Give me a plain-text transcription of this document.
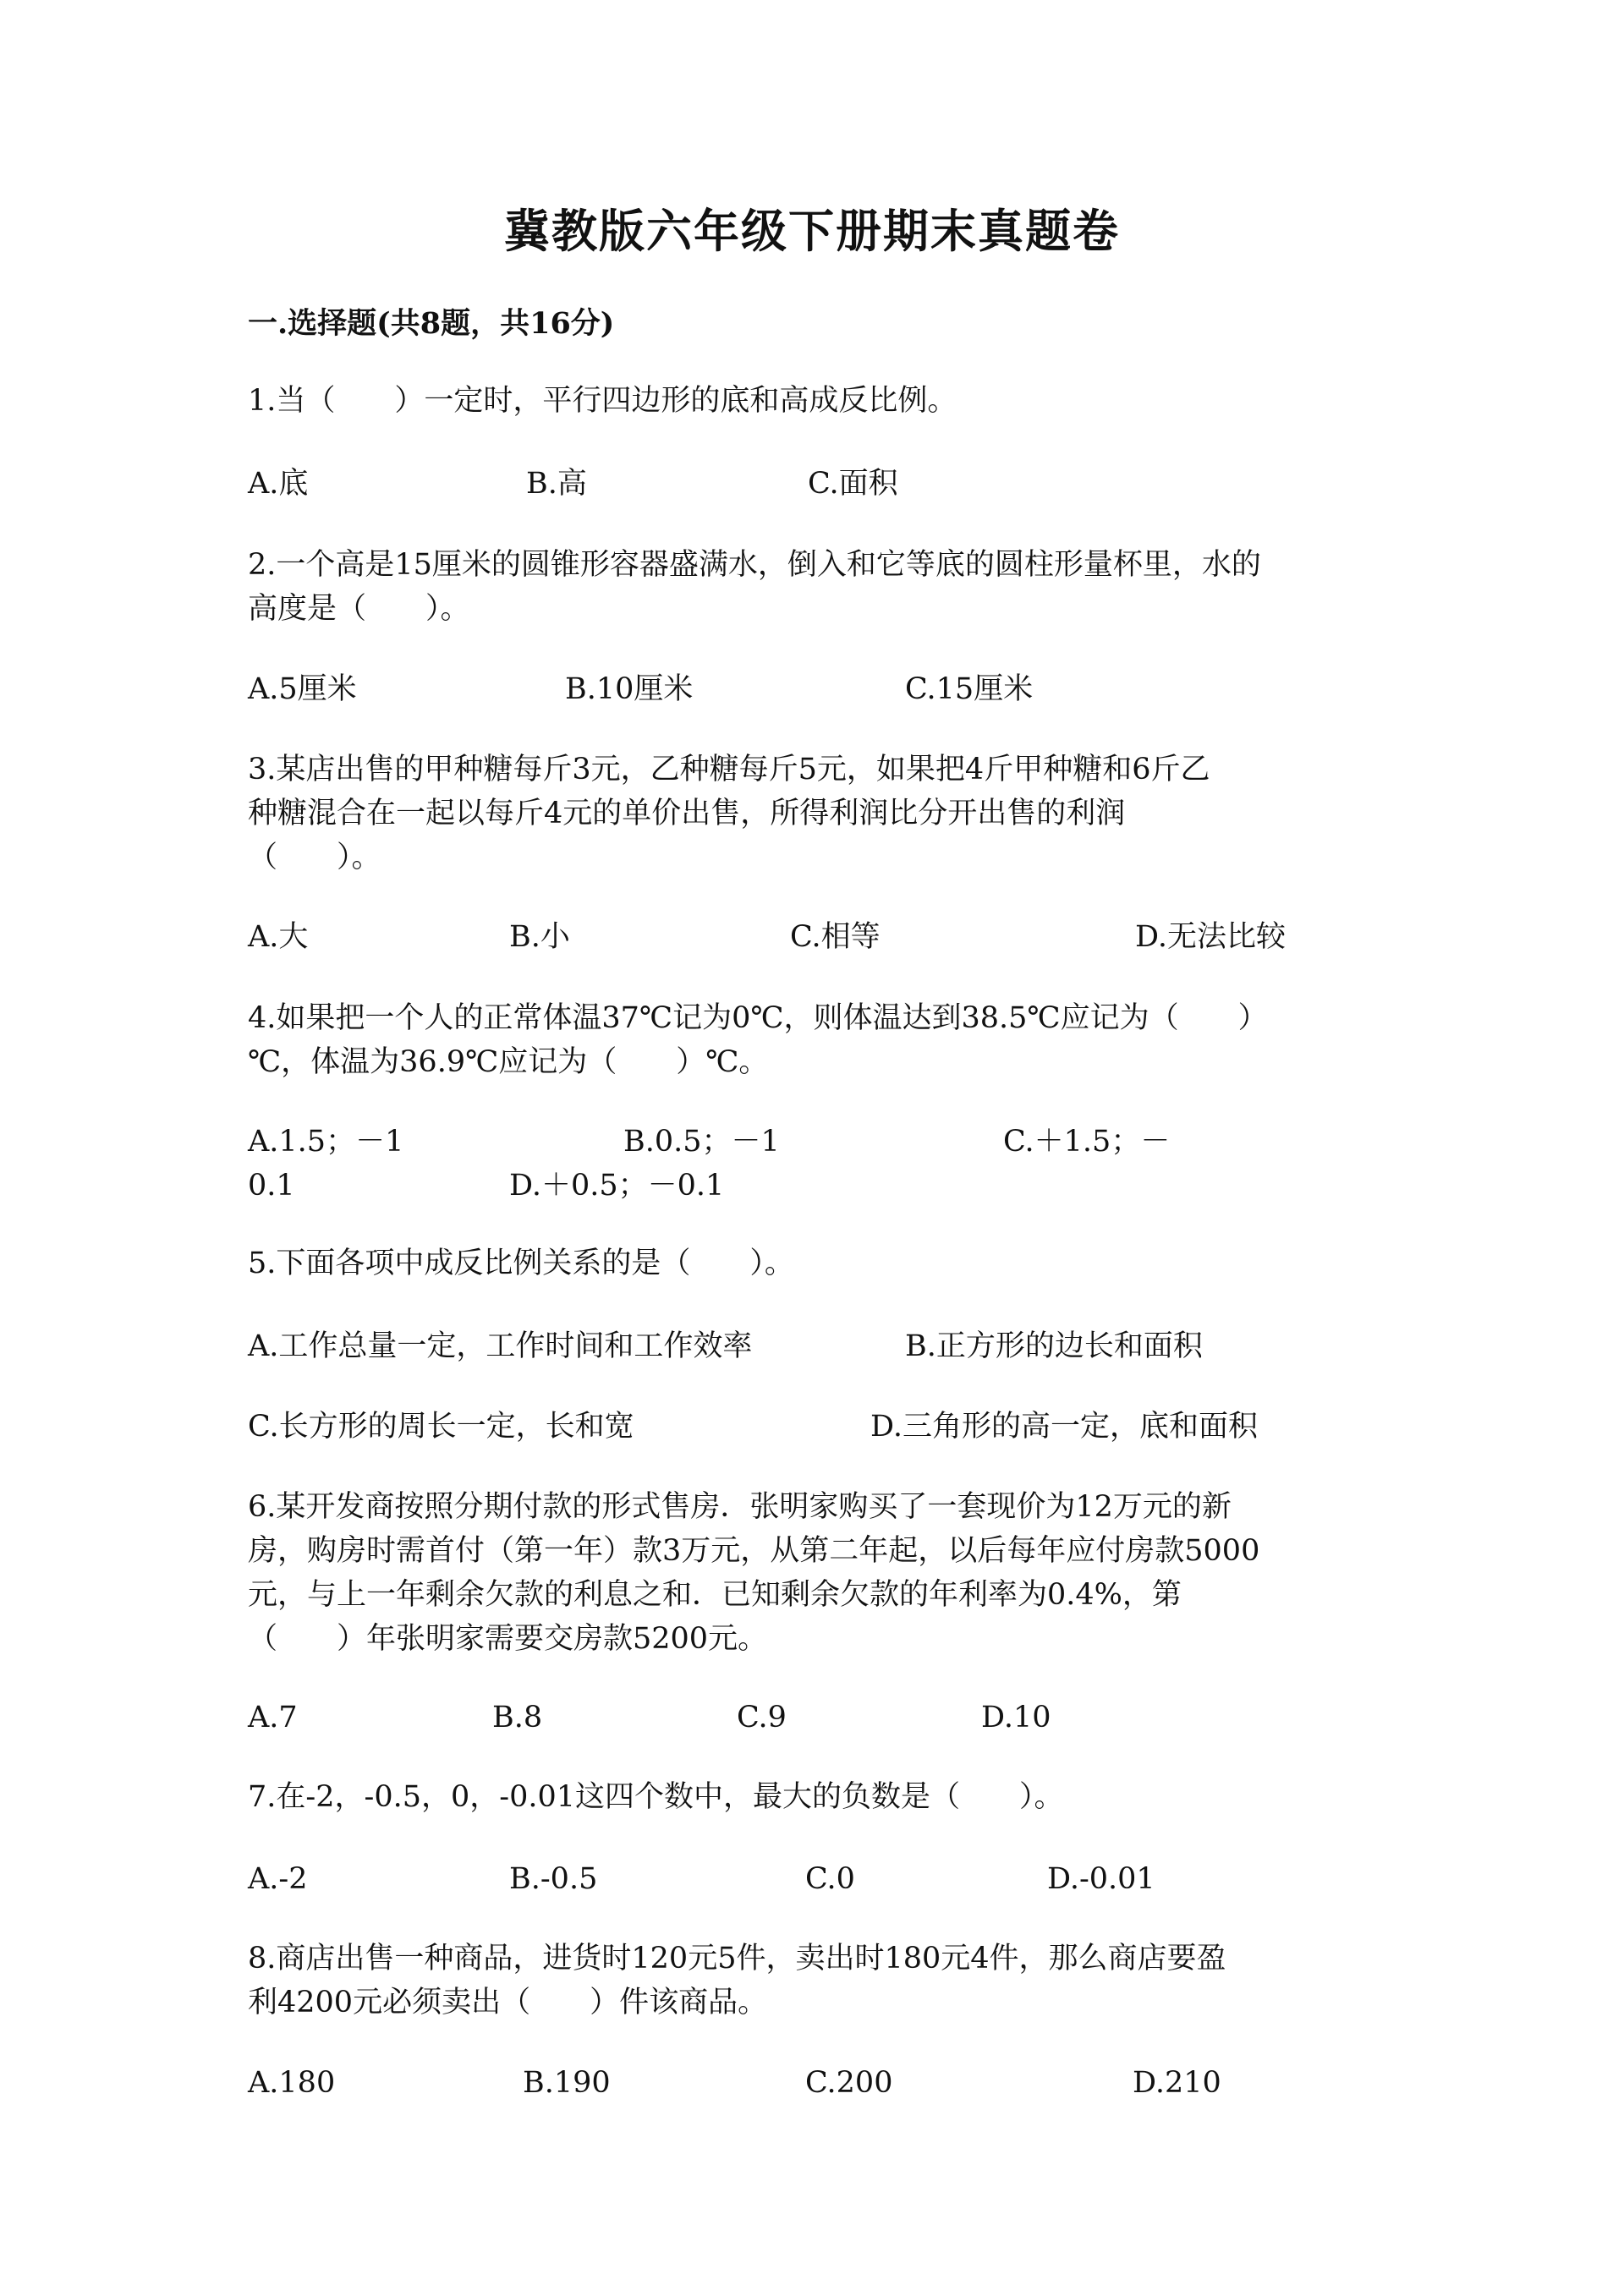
冀教版六年级下册期末真题卷
一.选择题(共8题，共16分)
1.当（　　）一定时，平行四边形的底和高成反比例。
A.底	B.高	C.面积
2.一个高是15厘米的圆锥形容器盛满水，倒入和它等底的圆柱形量杯里，水的
高度是（　　）。
A.5厘米	B.10厘米	C.15厘米
3.某店出售的甲种糖每斤3元，乙种糖每斤5元，如果把4斤甲种糖和6斤乙
种糖混合在一起以每斤4元的单价出售，所得利润比分开出售的利润
（　　）。
A.大	B.小	C.相等	D.无法比较
4.如果把一个人的正常体温37℃记为0℃，则体温达到38.5℃应记为（　　）
℃，体温为36.9℃应记为（　　）℃。
A.1.5；－1	B.0.5；－1	C.＋1.5；－
0.1	D.＋0.5；－0.1
5.下面各项中成反比例关系的是（　　）。
A.工作总量一定，工作时间和工作效率	B.正方形的边长和面积
C.长方形的周长一定，长和宽	D.三角形的高一定，底和面积
6.某开发商按照分期付款的形式售房．张明家购买了一套现价为12万元的新
房，购房时需首付（第一年）款3万元，从第二年起，以后每年应付房款5000
元，与上一年剩余欠款的利息之和．已知剩余欠款的年利率为0.4%，第
（　　）年张明家需要交房款5200元。
A.7	B.8	C.9	D.10
7.在-2，-0.5，0，-0.01这四个数中，最大的负数是（　　）。
A.-2	B.-0.5	C.0	D.-0.01
8.商店出售一种商品，进货时120元5件，卖出时180元4件，那么商店要盈
利4200元必须卖出（　　）件该商品。
A.180	B.190	C.200	D.210
